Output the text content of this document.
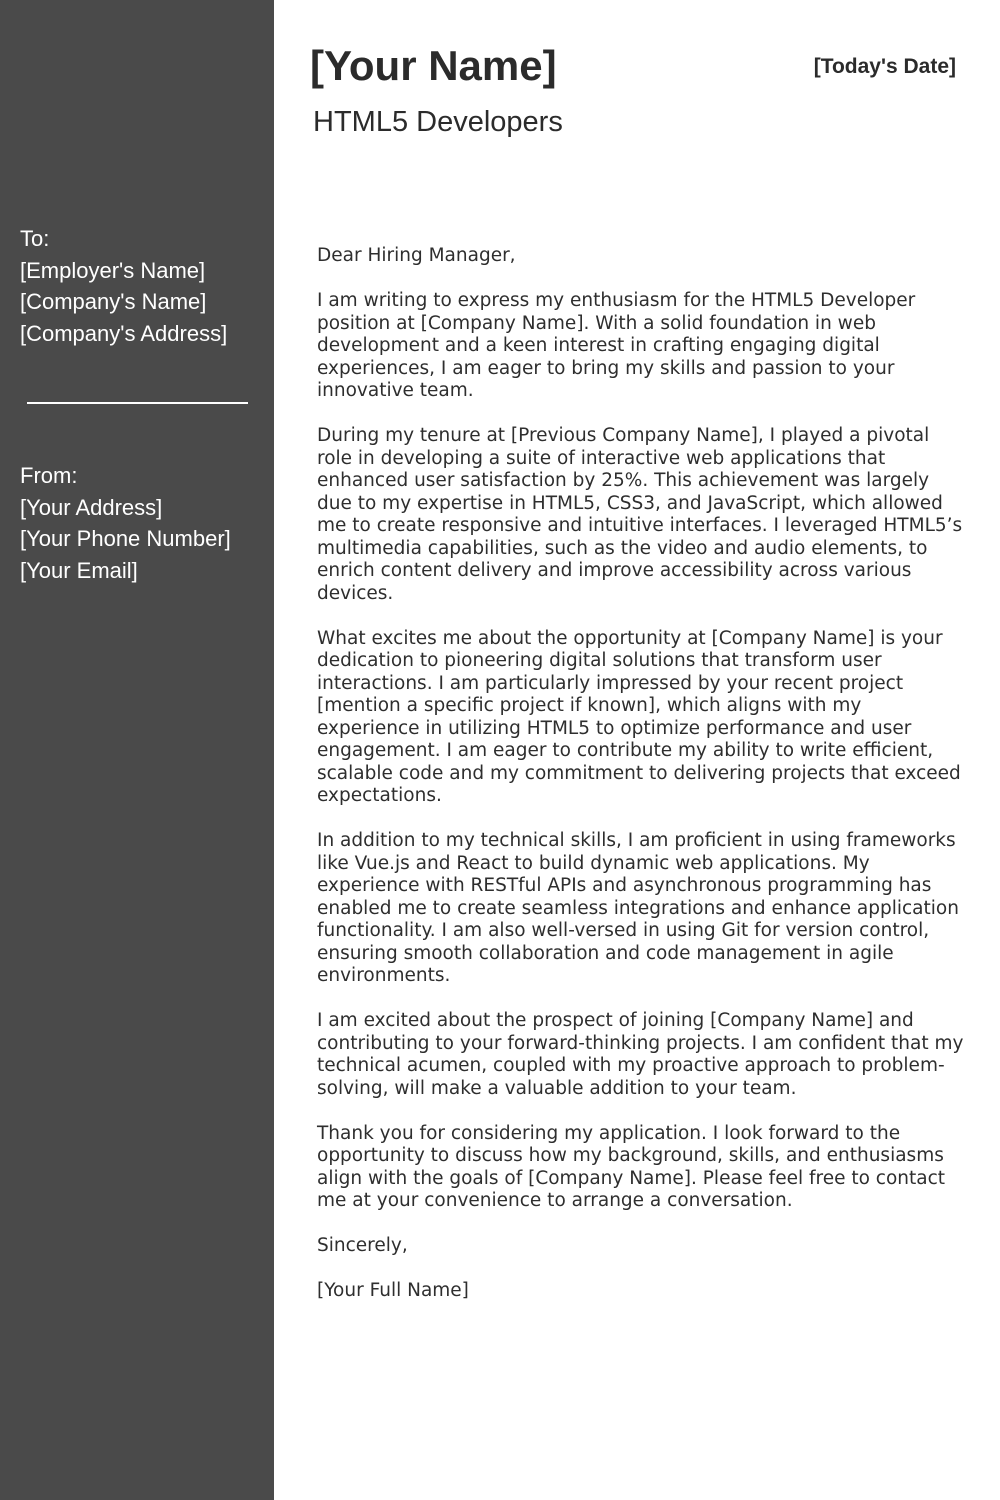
To:
[Employer's Name]
[Company's Name]
[Company's Address]
From:
[Your Address]
[Your Phone Number]
[Your Email]
[Your Name]	[Today's Date]
HTML5 Developers

Dear Hiring Manager,

I am writing to express my enthusiasm for the HTML5 Developer position at [Company Name]. With a solid foundation in web development and a keen interest in crafting engaging digital experiences, I am eager to bring my skills and passion to your innovative team.

During my tenure at [Previous Company Name], I played a pivotal role in developing a suite of interactive web applications that enhanced user satisfaction by 25%. This achievement was largely due to my expertise in HTML5, CSS3, and JavaScript, which allowed me to create responsive and intuitive interfaces. I leveraged HTML5’s multimedia capabilities, such as the video and audio elements, to enrich content delivery and improve accessibility across various devices.

What excites me about the opportunity at [Company Name] is your dedication to pioneering digital solutions that transform user interactions. I am particularly impressed by your recent project [mention a specific project if known], which aligns with my experience in utilizing HTML5 to optimize performance and user engagement. I am eager to contribute my ability to write efficient, scalable code and my commitment to delivering projects that exceed expectations.

In addition to my technical skills, I am proficient in using frameworks like Vue.js and React to build dynamic web applications. My experience with RESTful APIs and asynchronous programming has enabled me to create seamless integrations and enhance application functionality. I am also well-versed in using Git for version control, ensuring smooth collaboration and code management in agile environments.

I am excited about the prospect of joining [Company Name] and contributing to your forward-thinking projects. I am confident that my technical acumen, coupled with my proactive approach to problem-solving, will make a valuable addition to your team.

Thank you for considering my application. I look forward to the opportunity to discuss how my background, skills, and enthusiasms align with the goals of [Company Name]. Please feel free to contact me at your convenience to arrange a conversation.

Sincerely,

[Your Full Name]
